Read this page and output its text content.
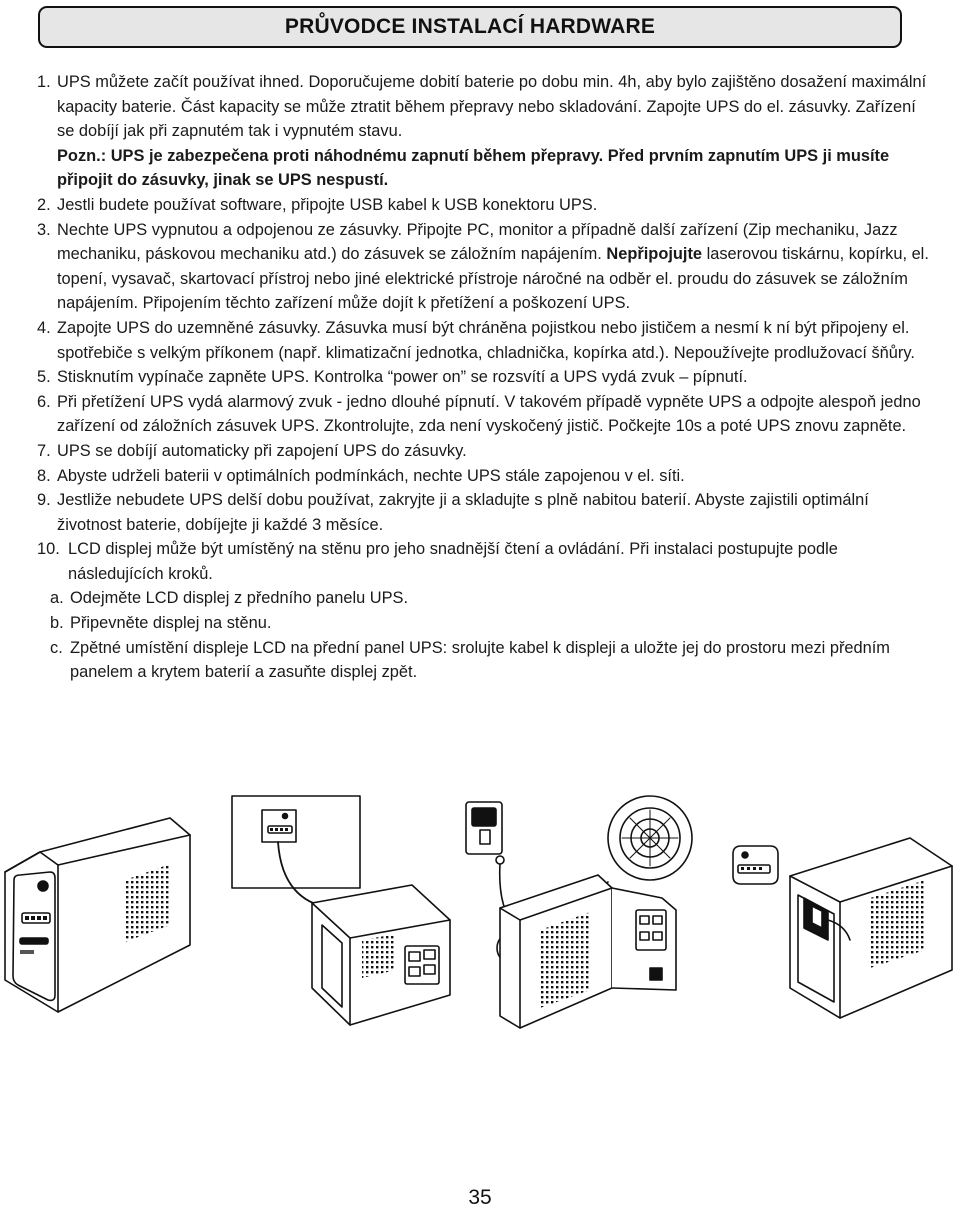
PRŮVODCE INSTALACÍ HARDWARE
1. UPS můžete začít používat ihned. Doporučujeme dobití baterie po dobu min. 4h, aby bylo zajištěno dosažení maximální kapacity baterie. Část kapacity se může ztratit během přepravy nebo skladování. Zapojte UPS do el. zásuvky. Zařízení se dobíjí jak při zapnutém tak i vypnutém stavu.
Pozn.: UPS je zabezpečena proti náhodnému zapnutí během přepravy. Před prvním zapnutím UPS ji musíte připojit do zásuvky, jinak se UPS nespustí.
2. Jestli budete používat software, připojte USB kabel k USB konektoru UPS.
3. Nechte UPS vypnutou a odpojenou ze zásuvky. Připojte PC, monitor a případně další zařízení (Zip mechaniku, Jazz mechaniku, páskovou mechaniku atd.) do zásuvek se záložním napájením. Nepřipojujte laserovou tiskárnu, kopírku, el. topení, vysavač, skartovací přístroj nebo jiné elektrické přístroje náročné na odběr el. proudu do zásuvek se záložním napájením. Připojením těchto zařízení může dojít k přetížení a poškození UPS.
4. Zapojte UPS do uzemněné zásuvky. Zásuvka musí být chráněna pojistkou nebo jističem a nesmí k ní být připojeny el. spotřebiče s velkým příkonem (např. klimatizační jednotka, chladnička, kopírka atd.). Nepoužívejte prodlužovací šňůry.
5. Stisknutím vypínače zapněte UPS. Kontrolka “power on” se rozsvítí a UPS vydá zvuk – pípnutí.
6. Při přetížení UPS vydá alarmový zvuk - jedno dlouhé pípnutí. V takovém případě vypněte UPS a odpojte alespoň jedno zařízení od záložních zásuvek UPS. Zkontrolujte, zda není vyskočený jistič. Počkejte 10s a poté UPS znovu zapněte.
7. UPS se dobíjí automaticky při zapojení UPS do zásuvky.
8. Abyste udrželi baterii v optimálních podmínkách, nechte UPS stále zapojenou v el. síti.
9. Jestliže nebudete UPS delší dobu používat, zakryjte ji a skladujte s plně nabitou baterií. Abyste zajistili optimální životnost baterie, dobíjejte ji každé 3 měsíce.
10. LCD displej může být umístěný na stěnu pro jeho snadnější čtení a ovládání. Při instalaci postupujte podle následujících kroků.
a. Odejměte LCD displej z předního panelu UPS.
b. Připevněte displej na stěnu.
c. Zpětné umístění displeje LCD na přední panel UPS: srolujte kabel k displeji a uložte jej do prostoru mezi předním panelem a krytem baterií a zasuňte displej zpět.
35
